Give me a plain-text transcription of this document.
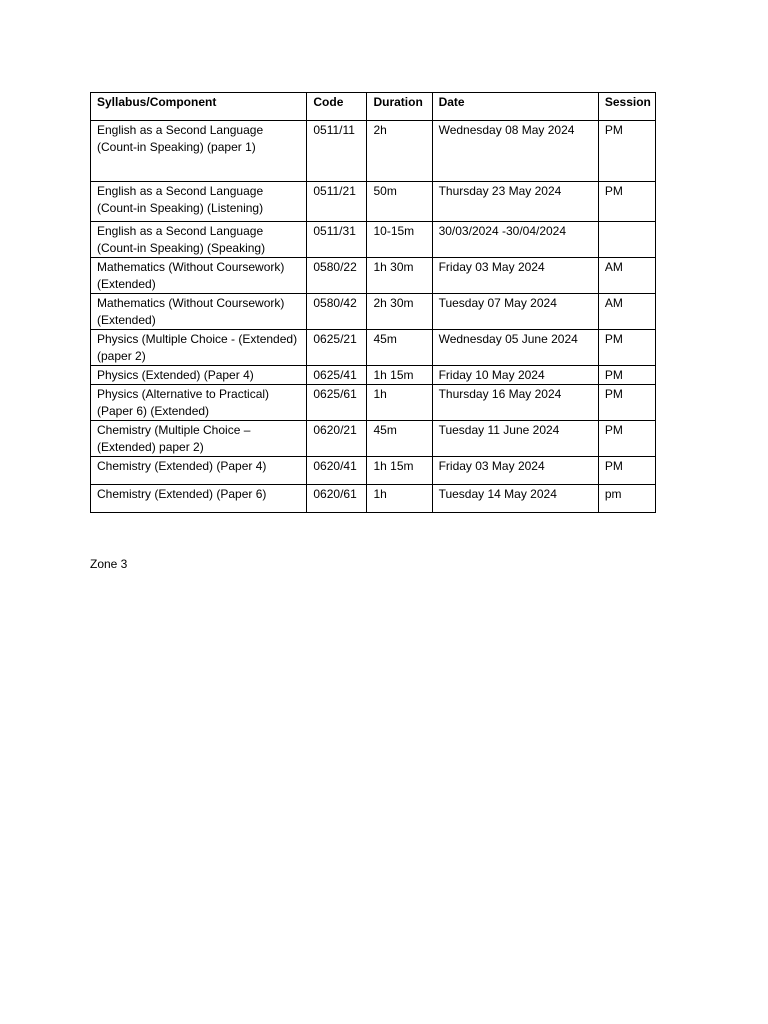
Syllabus/Component	Code	Duration	Date	Session
English as a Second Language (Count-in Speaking) (paper 1)	0511/11	2h	Wednesday 08 May 2024	PM
English as a Second Language (Count-in Speaking) (Listening)	0511/21	50m	Thursday 23 May 2024	PM
English as a Second Language (Count-in Speaking) (Speaking)	0511/31	10-15m	30/03/2024 -30/04/2024	
Mathematics (Without Coursework) (Extended)	0580/22	1h 30m	Friday 03 May 2024	AM
Mathematics (Without Coursework) (Extended)	0580/42	2h 30m	Tuesday 07 May 2024	AM
Physics (Multiple Choice - (Extended) (paper 2)	0625/21	45m	Wednesday 05 June 2024	PM
Physics (Extended) (Paper 4)	0625/41	1h 15m	Friday 10 May 2024	PM
Physics (Alternative to Practical) (Paper 6) (Extended)	0625/61	1h	Thursday 16 May 2024	PM
Chemistry (Multiple Choice – (Extended) paper 2)	0620/21	45m	Tuesday 11 June 2024	PM
Chemistry (Extended) (Paper 4)	0620/41	1h 15m	Friday 03 May 2024	PM
Chemistry (Extended) (Paper 6)	0620/61	1h	Tuesday 14 May 2024	pm
Zone 3
